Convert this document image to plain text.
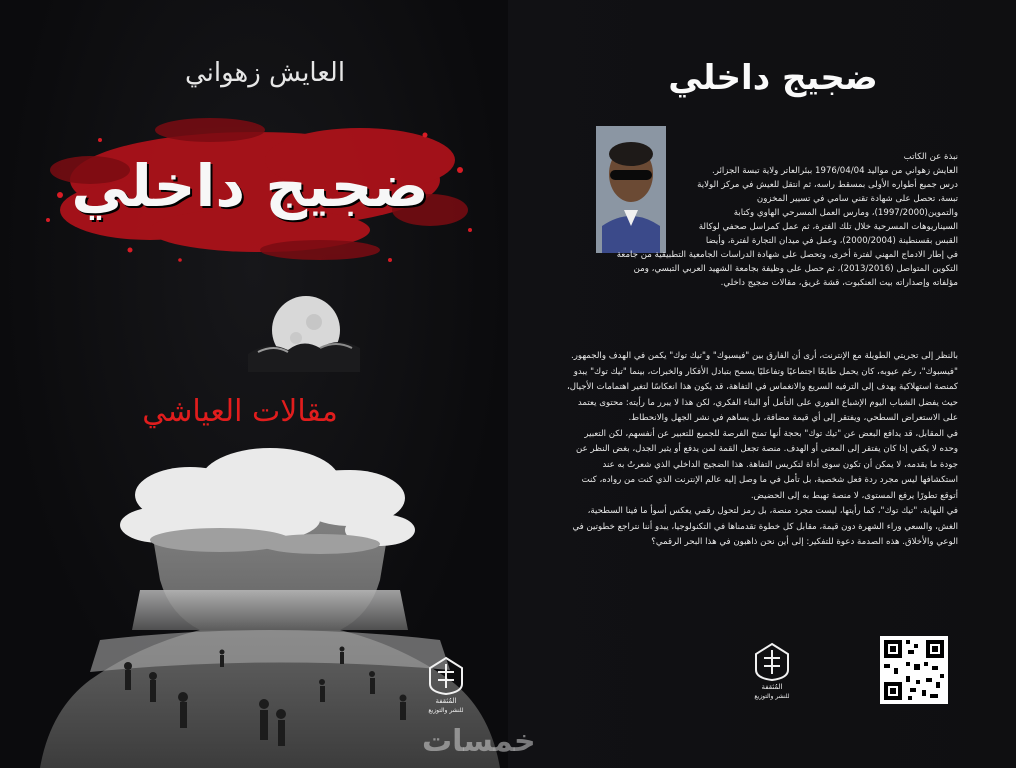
العايش زهواني
ضجيج داخلي
مقالات العياشي
المُثقفة
للنشر والتوزيع
خمسات
ضجيج داخلي
نبذة عن الكاتب
العايش زهواني من مواليد 1976/04/04 ببئرالعاتر ولاية تبسة الجزائر.
درس جميع أطواره الأولى بمسقط راسه، ثم انتقل للعيش في مركز الولاية
تبسة، تحصل على شهادة تقني سامي في تسيير المخزون
والتموين(1997/2000)، ومارس العمل المسرحي الهاوي وكتابة
السيناريوهات المسرحية خلال تلك الفترة، ثم عمل كمراسل صحفي لوكالة
القبس بقسنطينة (2000/2004)، وعمل في ميدان التجارة لفترة، وأيضا
في إطار الادماج المهني لفترة أخرى، وتحصل على شهادة الدراسات الجامعية التطبيقية من جامعة
التكوين المتواصل (2013/2016)، ثم حصل على وظيفة بجامعة الشهيد العربي التبسي، ومن
مؤلفاته وإصداراته بيت العنكبوت، قشة غريق، مقالات ضجيج داخلي.

بالنظر إلى تجربتي الطويلة مع الإنترنت، أرى أن الفارق بين "فيسبوك" و"تيك توك" يكمن في الهدف والجمهور. "فيسبوك"، رغم عيوبه، كان يحمل طابعًا اجتماعيًا وتفاعليًا يسمح بتبادل الأفكار والخبرات، بينما "تيك توك" يبدو كمنصة استهلاكية يهدف إلى الترفيه السريع والانغماس في التفاهة، قد يكون هذا انعكاسًا لتغير اهتمامات الأجيال، حيث يفضل الشباب اليوم الإشباع الفوري على التأمل أو البناء الفكري، لكن هذا لا يبرر ما رأيته: محتوى يعتمد على الاستعراض السطحي، ويفتقر إلى أي قيمة مضافة، بل يساهم في نشر الجهل والانحطاط.

في المقابل، قد يدافع البعض عن "تيك توك" بحجة أنها تمنح الفرصة للجميع للتعبير عن أنفسهم، لكن التعبير وحده لا يكفي إذا كان يفتقر إلى المعنى أو الهدف. منصة تجعل القمة لمن يدفع أو يثير الجدل، بغض النظر عن جودة ما يقدمه، لا يمكن أن تكون سوى أداة لتكريس التفاهة. هذا الضجيج الداخلي الذي شعرتُ به عند استكشافها ليس مجرد ردة فعل شخصية، بل تأمل في ما وصل إليه عالم الإنترنت الذي كنت من رواده، كنت أتوقع تطورًا يرفع المستوى، لا منصة تهبط به إلى الحضيض.

في النهاية، "تيك توك"، كما رأيتها، ليست مجرد منصة، بل رمز لتحول رقمي يعكس أسوأ ما فينا السطحية، الغش، والسعي وراء الشهرة دون قيمة، مقابل كل خطوة تقدمناها في التكنولوجيا، يبدو أننا نتراجع خطوتين في الوعي والأخلاق. هذه الصدمة دعوة للتفكير: إلى أين نحن ذاهبون في هذا البحر الرقمي؟

المُثقفة
للنشر والتوزيع
